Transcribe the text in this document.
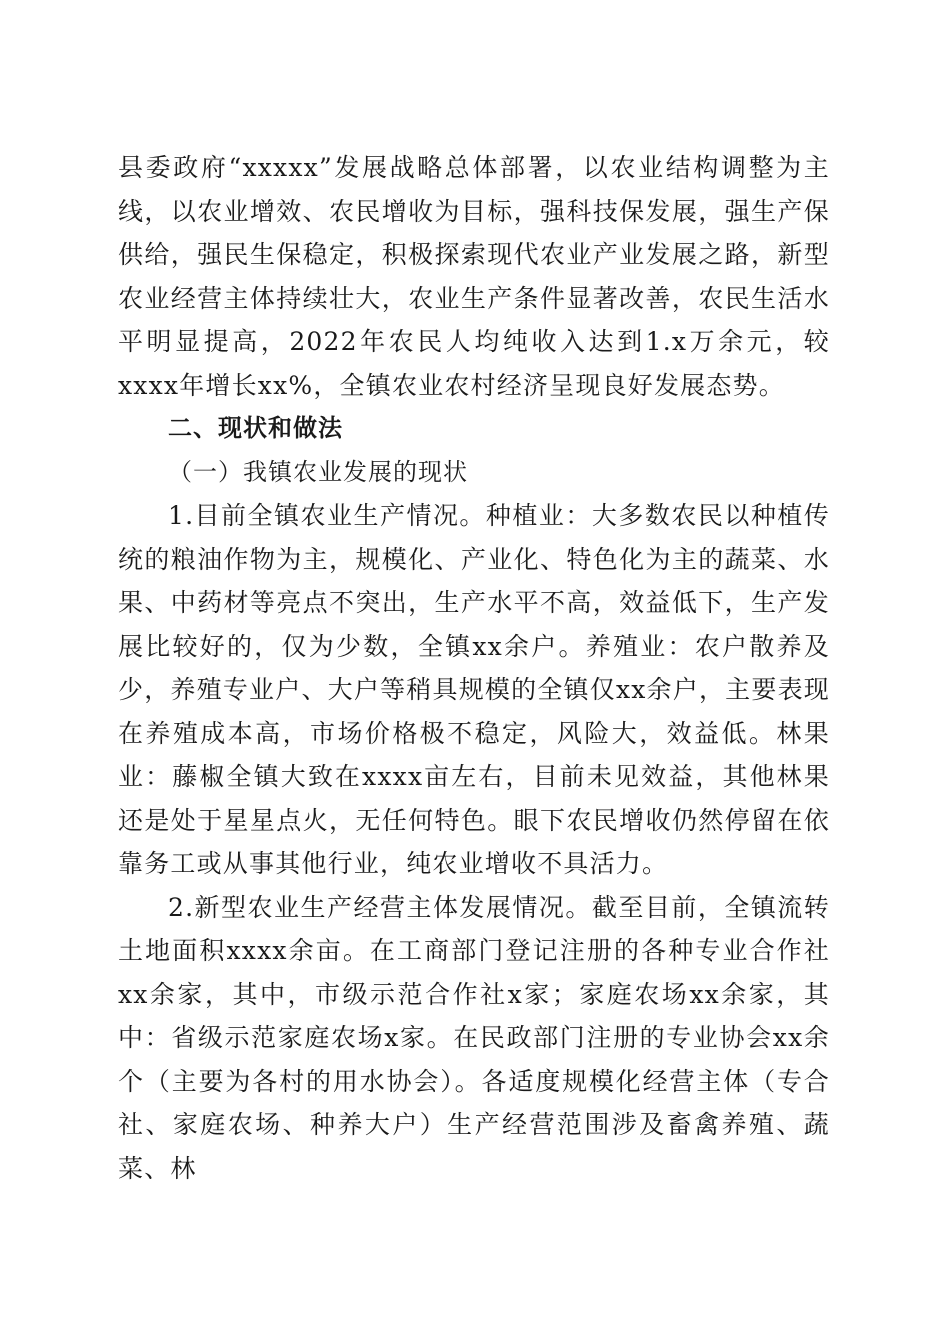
县委政府“xxxxx”发展战略总体部署，以农业结构调整为主线，以农业增效、农民增收为目标，强科技保发展，强生产保供给，强民生保稳定，积极探索现代农业产业发展之路，新型农业经营主体持续壮大，农业生产条件显著改善，农民生活水平明显提高，2022年农民人均纯收入达到1.x万余元，较xxxx年增长xx%，全镇农业农村经济呈现良好发展态势。

二、现状和做法

（一）我镇农业发展的现状

1.目前全镇农业生产情况。种植业：大多数农民以种植传统的粮油作物为主，规模化、产业化、特色化为主的蔬菜、水果、中药材等亮点不突出，生产水平不高，效益低下，生产发展比较好的，仅为少数，全镇xx余户。养殖业：农户散养及少，养殖专业户、大户等稍具规模的全镇仅xx余户，主要表现在养殖成本高，市场价格极不稳定，风险大，效益低。林果业：藤椒全镇大致在xxxx亩左右，目前未见效益，其他林果还是处于星星点火，无任何特色。眼下农民增收仍然停留在依靠务工或从事其他行业，纯农业增收不具活力。

2.新型农业生产经营主体发展情况。截至目前，全镇流转土地面积xxxx余亩。在工商部门登记注册的各种专业合作社xx余家，其中，市级示范合作社x家；家庭农场xx余家，其中：省级示范家庭农场x家。在民政部门注册的专业协会xx余个（主要为各村的用水协会）。各适度规模化经营主体（专合社、家庭农场、种养大户）生产经营范围涉及畜禽养殖、蔬菜、林
